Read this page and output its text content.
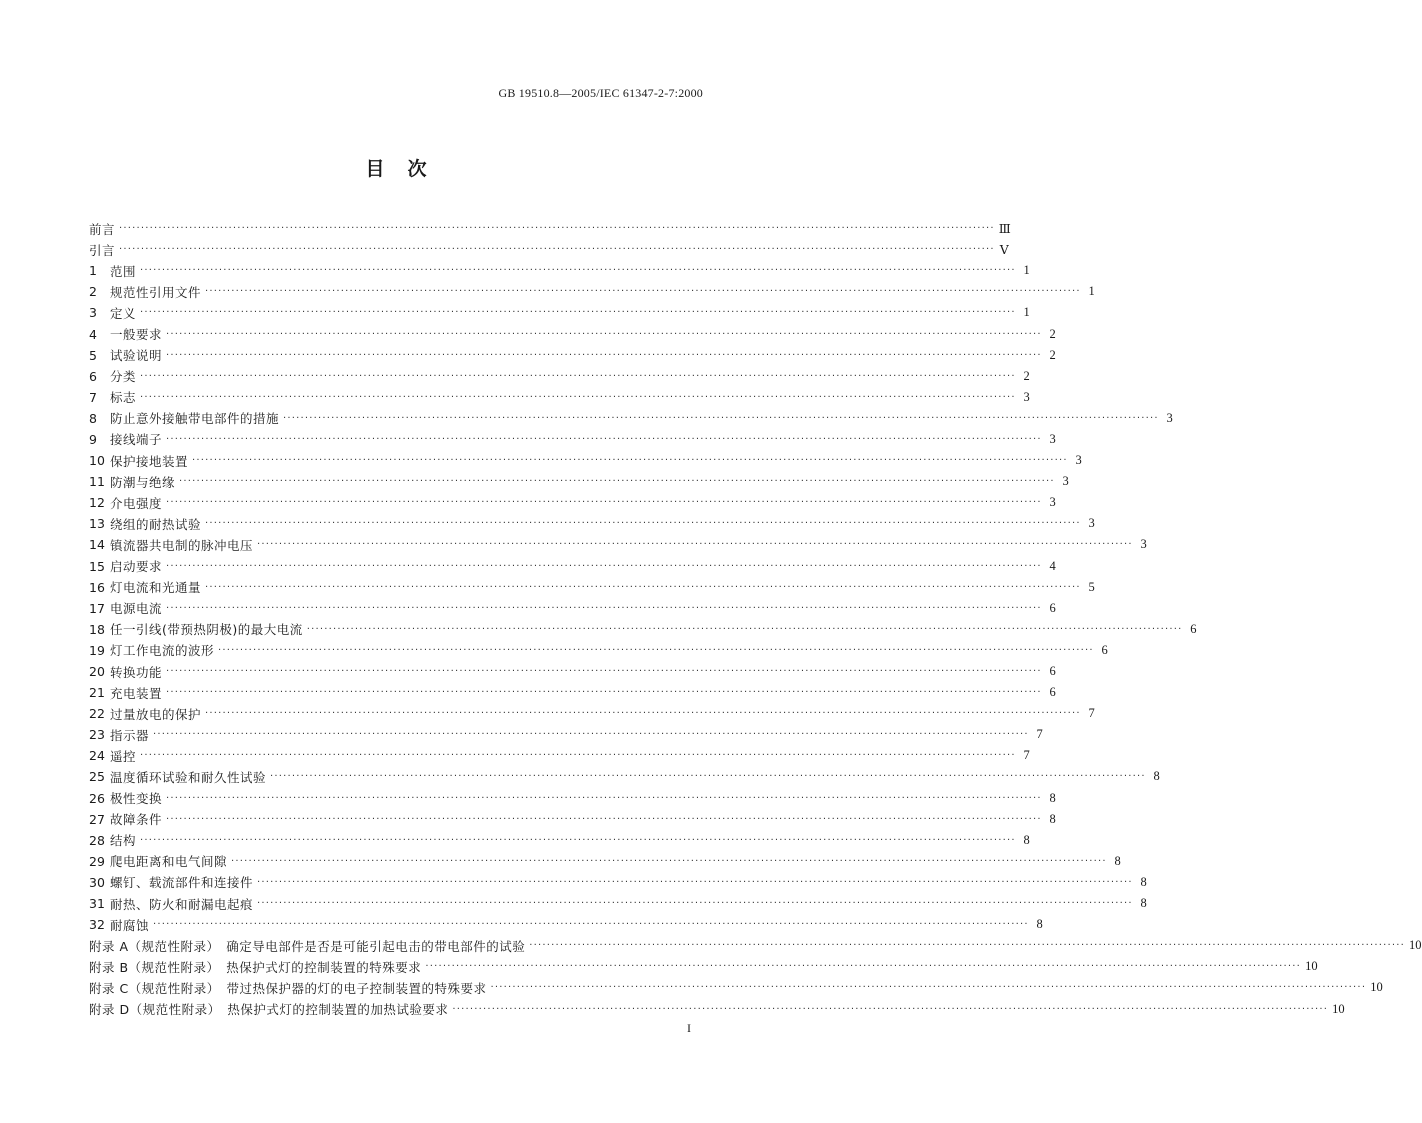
GB 19510.8—2005/IEC 61347-2-7:2000
目　次
前言 ········································································································································································································ Ⅲ
引言 ········································································································································································································ Ⅴ
1	范围 ········································································································································································································ 1
2	规范性引用文件 ········································································································································································································ 1
3	定义 ········································································································································································································ 1
4	一般要求 ········································································································································································································ 2
5	试验说明 ········································································································································································································ 2
6	分类 ········································································································································································································ 2
7	标志 ········································································································································································································ 3
8	防止意外接触带电部件的措施 ········································································································································································································ 3
9	接线端子 ········································································································································································································ 3
10 保护接地装置 ········································································································································································································ 3
11 防潮与绝缘 ········································································································································································································ 3
12 介电强度 ········································································································································································································ 3
13 绕组的耐热试验 ········································································································································································································ 3
14 镇流器共电制的脉冲电压 ········································································································································································································ 3
15 启动要求 ········································································································································································································ 4
16 灯电流和光通量 ········································································································································································································ 5
17 电源电流 ········································································································································································································ 6
18 任一引线(带预热阴极)的最大电流 ········································································································································································································ 6
19 灯工作电流的波形 ········································································································································································································ 6
20 转换功能 ········································································································································································································ 6
21 充电装置 ········································································································································································································ 6
22 过量放电的保护 ········································································································································································································ 7
23 指示器 ········································································································································································································ 7
24 遥控 ········································································································································································································ 7
25 温度循环试验和耐久性试验 ········································································································································································································ 8
26 极性变换 ········································································································································································································ 8
27 故障条件 ········································································································································································································ 8
28 结构 ········································································································································································································ 8
29 爬电距离和电气间隙 ········································································································································································································ 8
30 螺钉、载流部件和连接件 ········································································································································································································ 8
31 耐热、防火和耐漏电起痕 ········································································································································································································ 8
32 耐腐蚀 ········································································································································································································ 8
附录 A（规范性附录）　确定导电部件是否是可能引起电击的带电部件的试验 ········································································································································································································ 10
附录 B（规范性附录）　热保护式灯的控制装置的特殊要求 ········································································································································································································ 10
附录 C（规范性附录）　带过热保护器的灯的电子控制装置的特殊要求 ········································································································································································································ 10
附录 D（规范性附录）　热保护式灯的控制装置的加热试验要求 ········································································································································································································ 10
I
